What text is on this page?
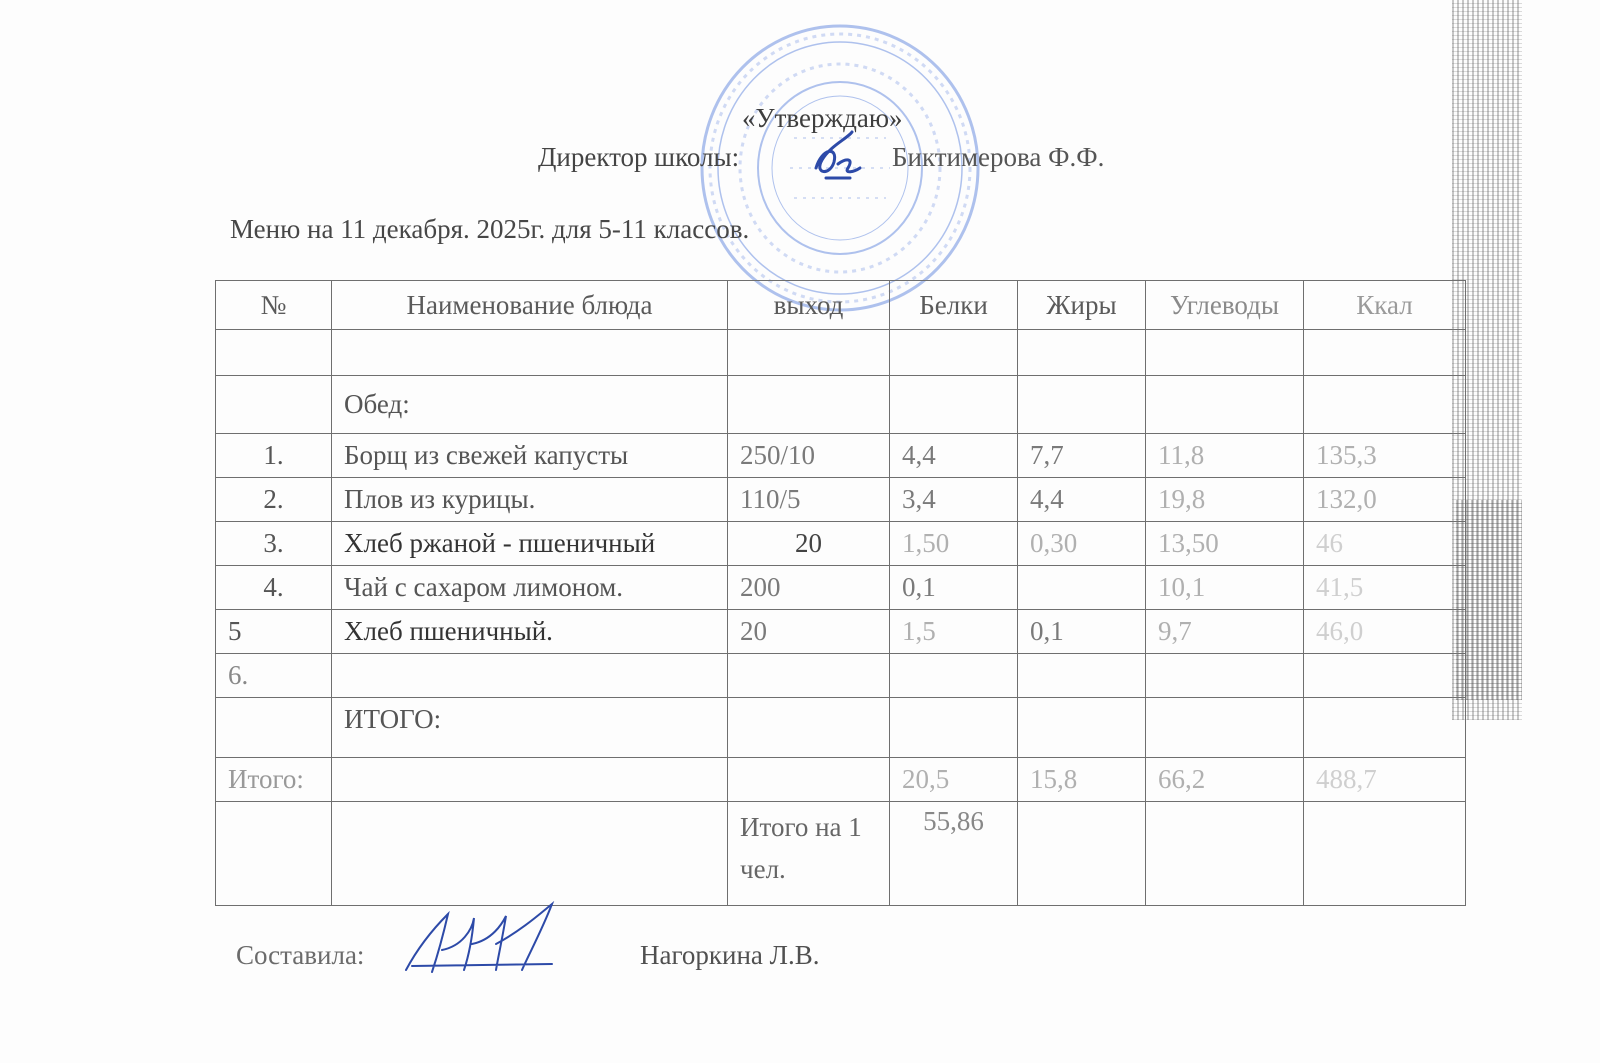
«Утверждаю»
Директор школы:	Биктимерова Ф.Ф.
Меню на 11 декабря. 2025г. для 5-11 классов.
№	Наименование блюда	выход	Белки	Жиры	Углеводы	Ккал

	Обед:					
1.	Борщ из свежей капусты	250/10	4,4	7,7	11,8	135,3
2.	Плов из курицы.	110/5	3,4	4,4	19,8	132,0
3.	Хлеб ржаной - пшеничный	20	1,50	0,30	13,50	46
4.	Чай с сахаром лимоном.	200	0,1		10,1	41,5
5	Хлеб пшеничный.	20	1,5	0,1	9,7	46,0
6.						
	ИТОГО:					
Итого:			20,5	15,8	66,2	488,7
		Итого на 1 чел.	55,86			
Составила:	Нагоркина Л.В.
